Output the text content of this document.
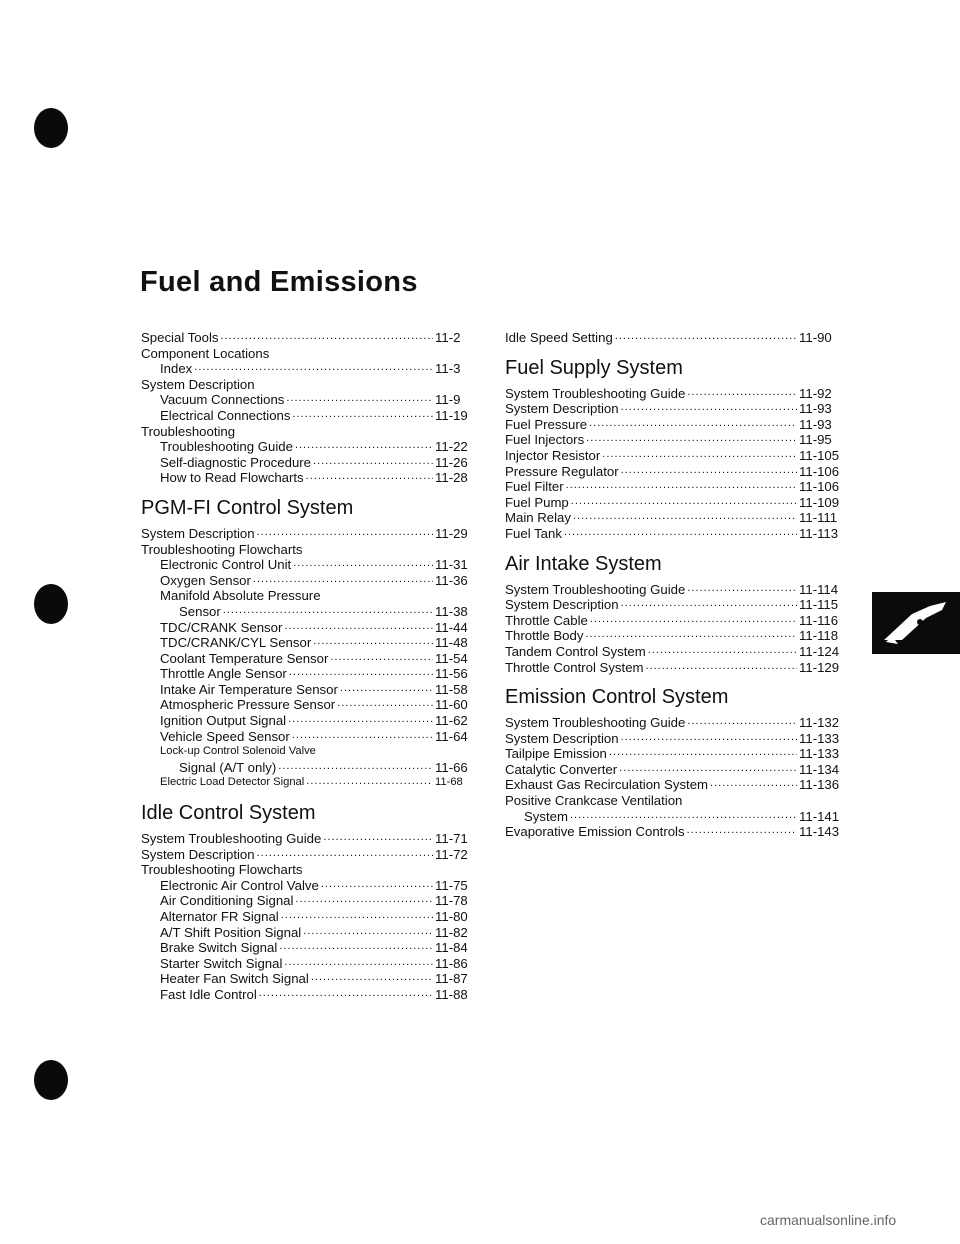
Fuel and Emissions
Special Tools .....	11-2
Component Locations
Index .....	11-3
System Description
Vacuum Connections .....	11-9
Electrical Connections .....	11-19
Troubleshooting
Troubleshooting Guide .....	11-22
Self-diagnostic Procedure .....	11-26
How to Read Flowcharts .....	11-28
PGM-FI Control System
System Description .....	11-29
Troubleshooting Flowcharts
Electronic Control Unit .....	11-31
Oxygen Sensor .....	11-36
Manifold Absolute Pressure
Sensor .....	11-38
TDC/CRANK Sensor .....	11-44
TDC/CRANK/CYL Sensor .....	11-48
Coolant Temperature Sensor .....	11-54
Throttle Angle Sensor .....	11-56
Intake Air Temperature Sensor .....	11-58
Atmospheric Pressure Sensor .....	11-60
Ignition Output Signal .....	11-62
Vehicle Speed Sensor .....	11-64
Lock-up Control Solenoid Valve
Signal (A/T only) .....	11-66
Electric Load Detector Signal .....	11-68
Idle Control System
System Troubleshooting Guide .....	11-71
System Description .....	11-72
Troubleshooting Flowcharts
Electronic Air Control Valve .....	11-75
Air Conditioning Signal .....	11-78
Alternator FR Signal .....	11-80
A/T Shift Position Signal .....	11-82
Brake Switch Signal .....	11-84
Starter Switch Signal .....	11-86
Heater Fan Switch Signal .....	11-87
Fast Idle Control .....	11-88
Idle Speed Setting .....	11-90
Fuel Supply System
System Troubleshooting Guide .....	11-92
System Description .....	11-93
Fuel Pressure .....	11-93
Fuel Injectors .....	11-95
Injector Resistor .....	11-105
Pressure Regulator .....	11-106
Fuel Filter .....	11-106
Fuel Pump .....	11-109
Main Relay .....	11-111
Fuel Tank .....	11-113
Air Intake System
System Troubleshooting Guide .....	11-114
System Description .....	11-115
Throttle Cable .....	11-116
Throttle Body .....	11-118
Tandem Control System .....	11-124
Throttle Control System .....	11-129
Emission Control System
System Troubleshooting Guide .....	11-132
System Description .....	11-133
Tailpipe Emission .....	11-133
Catalytic Converter .....	11-134
Exhaust Gas Recirculation System .....	11-136
Positive Crankcase Ventilation
System .....	11-141
Evaporative Emission Controls .....	11-143
carmanualsonline.info
